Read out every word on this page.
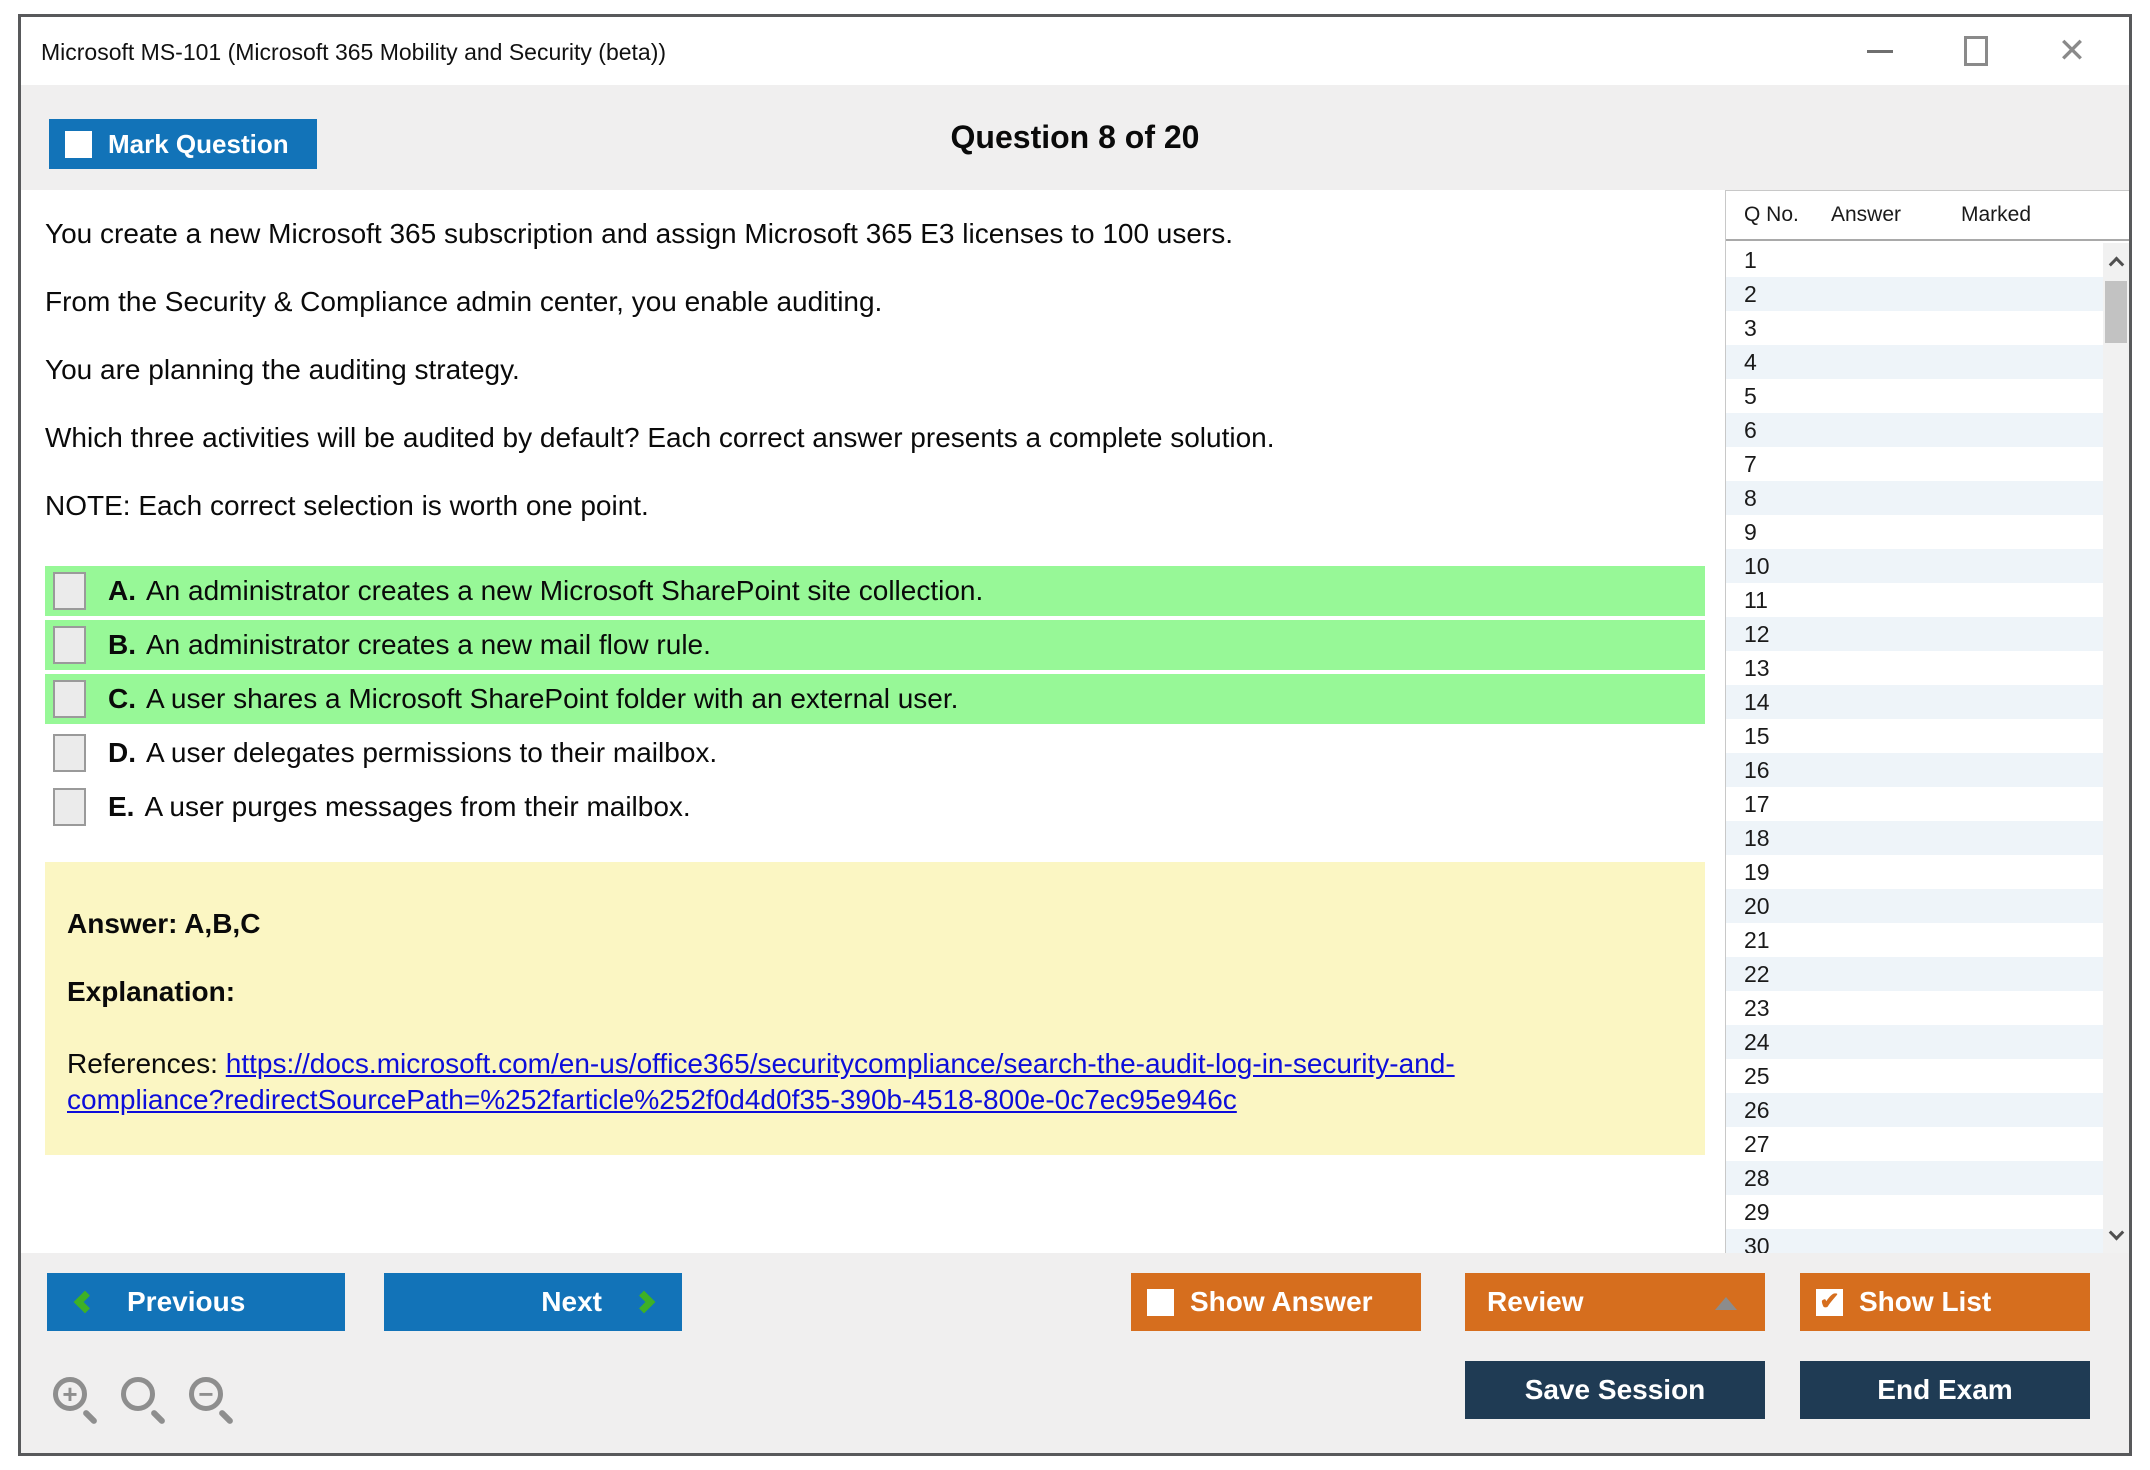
Microsoft MS-101 (Microsoft 365 Mobility and Security (beta))	✕
Mark Question	Question 8 of 20

You create a new Microsoft 365 subscription and assign Microsoft 365 E3 licenses to 100 users.

From the Security & Compliance admin center, you enable auditing.

You are planning the auditing strategy.

Which three activities will be audited by default? Each correct answer presents a complete solution.

NOTE: Each correct selection is worth one point.

A. An administrator creates a new Microsoft SharePoint site collection.
B. An administrator creates a new mail flow rule.
C. A user shares a Microsoft SharePoint folder with an external user.
D. A user delegates permissions to their mailbox.
E. A user purges messages from their mailbox.
Answer: A,B,C
Explanation:
References: https://docs.microsoft.com/en-us/office365/securitycompliance/search-the-audit-log-in-security-and-compliance?redirectSourcePath=%252farticle%252f0d4d0f35-390b-4518-800e-0c7ec95e946c
Q No.	Answer	Marked
1
2
3
4
5
6
7
8
9
10
11
12
13
14
15
16
17
18
19
20
21
22
23
24
25
26
27
28
29
30
Previous	Next	Show Answer	Review	✔ Show List
Save Session	End Exam
+	−
